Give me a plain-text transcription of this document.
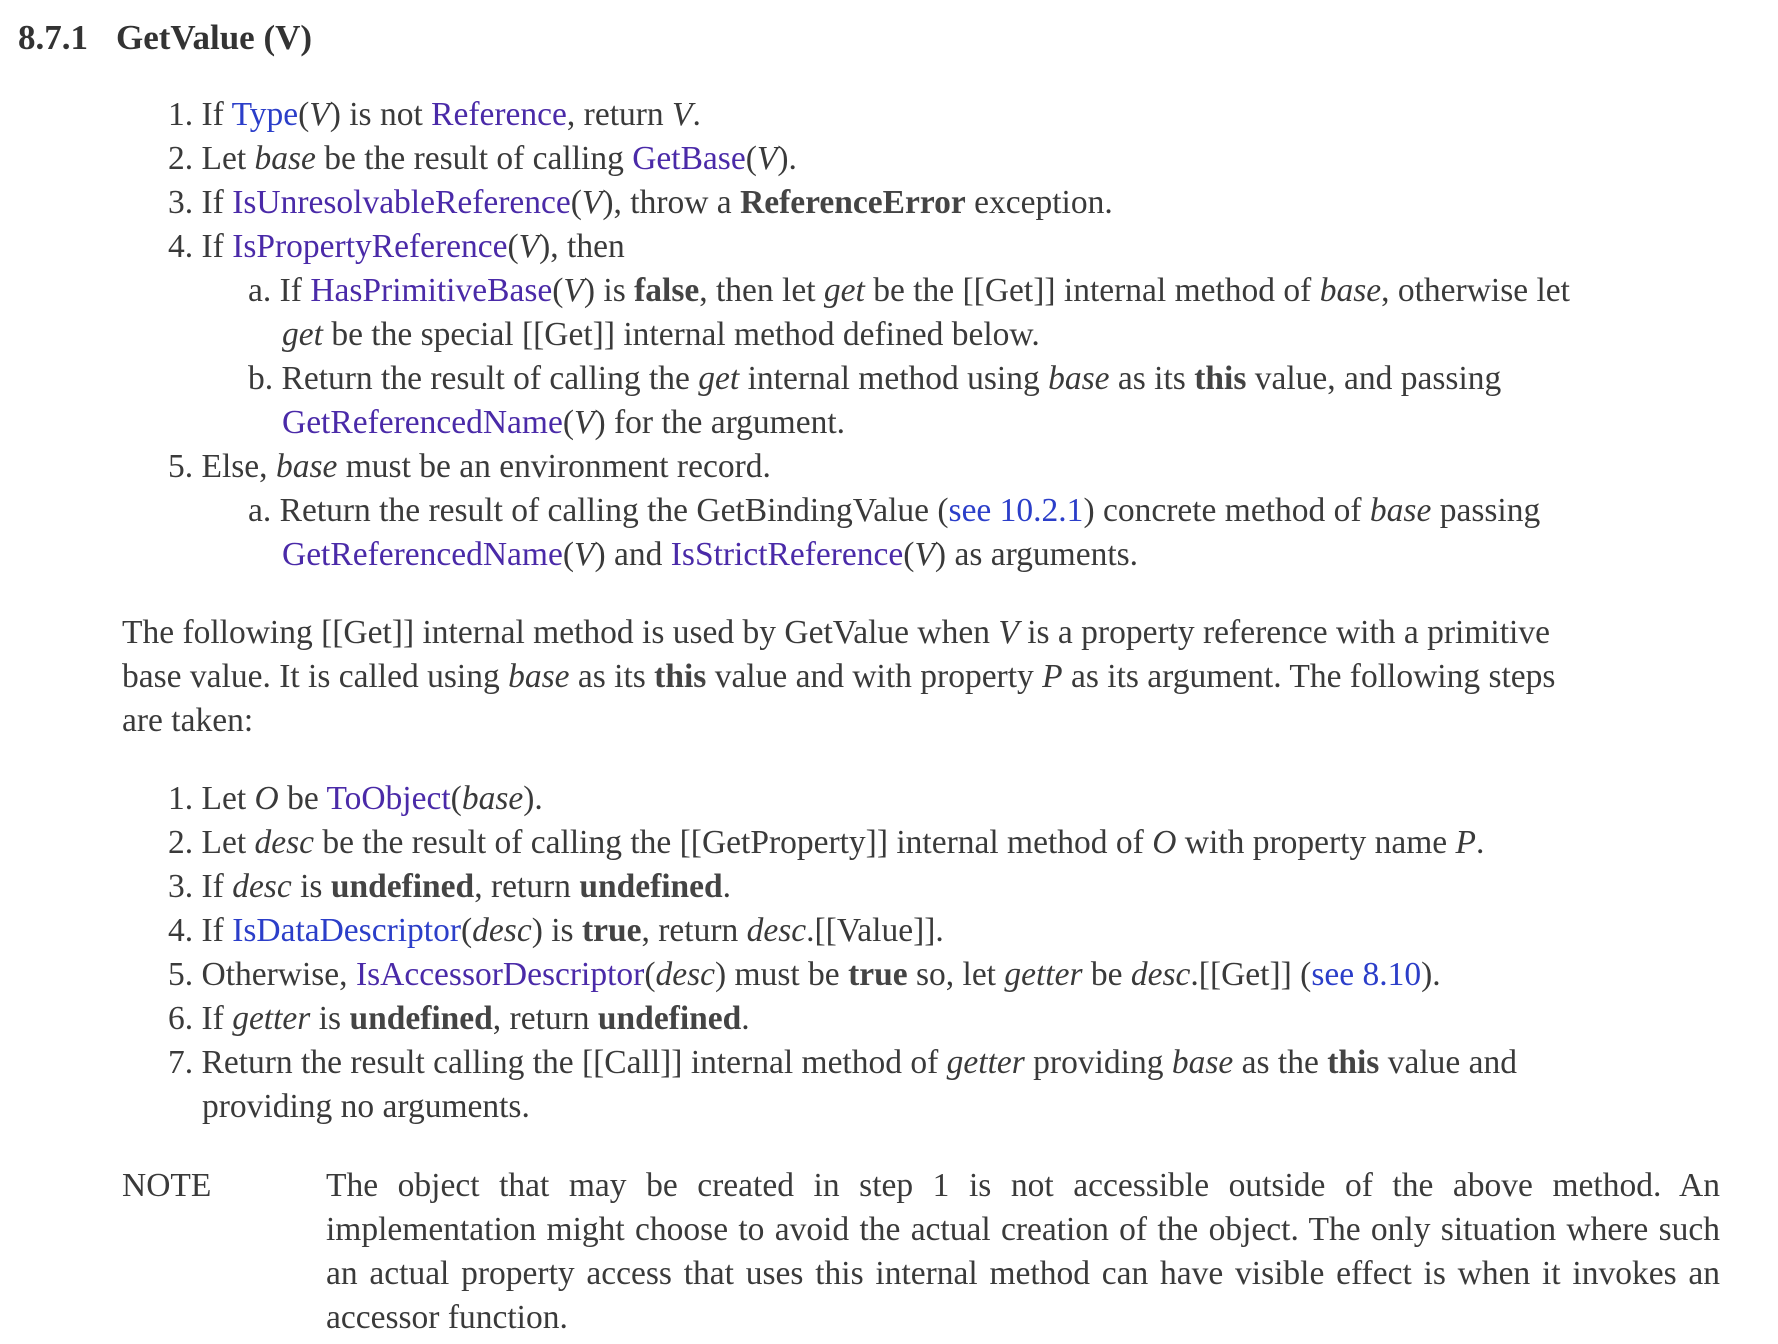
8.7.1 GetValue (V)
1. If Type(V) is not Reference, return V.
2. Let base be the result of calling GetBase(V).
3. If IsUnresolvableReference(V), throw a ReferenceError exception.
4. If IsPropertyReference(V), then
a. If HasPrimitiveBase(V) is false, then let get be the [[Get]] internal method of base, otherwise let
get be the special [[Get]] internal method defined below.
b. Return the result of calling the get internal method using base as its this value, and passing
GetReferencedName(V) for the argument.
5. Else, base must be an environment record.
a. Return the result of calling the GetBindingValue (see 10.2.1) concrete method of base passing
GetReferencedName(V) and IsStrictReference(V) as arguments.
The following [[Get]] internal method is used by GetValue when V is a property reference with a primitive
base value. It is called using base as its this value and with property P as its argument. The following steps
are taken:
1. Let O be ToObject(base).
2. Let desc be the result of calling the [[GetProperty]] internal method of O with property name P.
3. If desc is undefined, return undefined.
4. If IsDataDescriptor(desc) is true, return desc.[[Value]].
5. Otherwise, IsAccessorDescriptor(desc) must be true so, let getter be desc.[[Get]] (see 8.10).
6. If getter is undefined, return undefined.
7. Return the result calling the [[Call]] internal method of getter providing base as the this value and
providing no arguments.
NOTE	The object that may be created in step 1 is not accessible outside of the above method. An implementation might choose to avoid the actual creation of the object. The only situation where such an actual property access that uses this internal method can have visible effect is when it invokes an accessor function.
